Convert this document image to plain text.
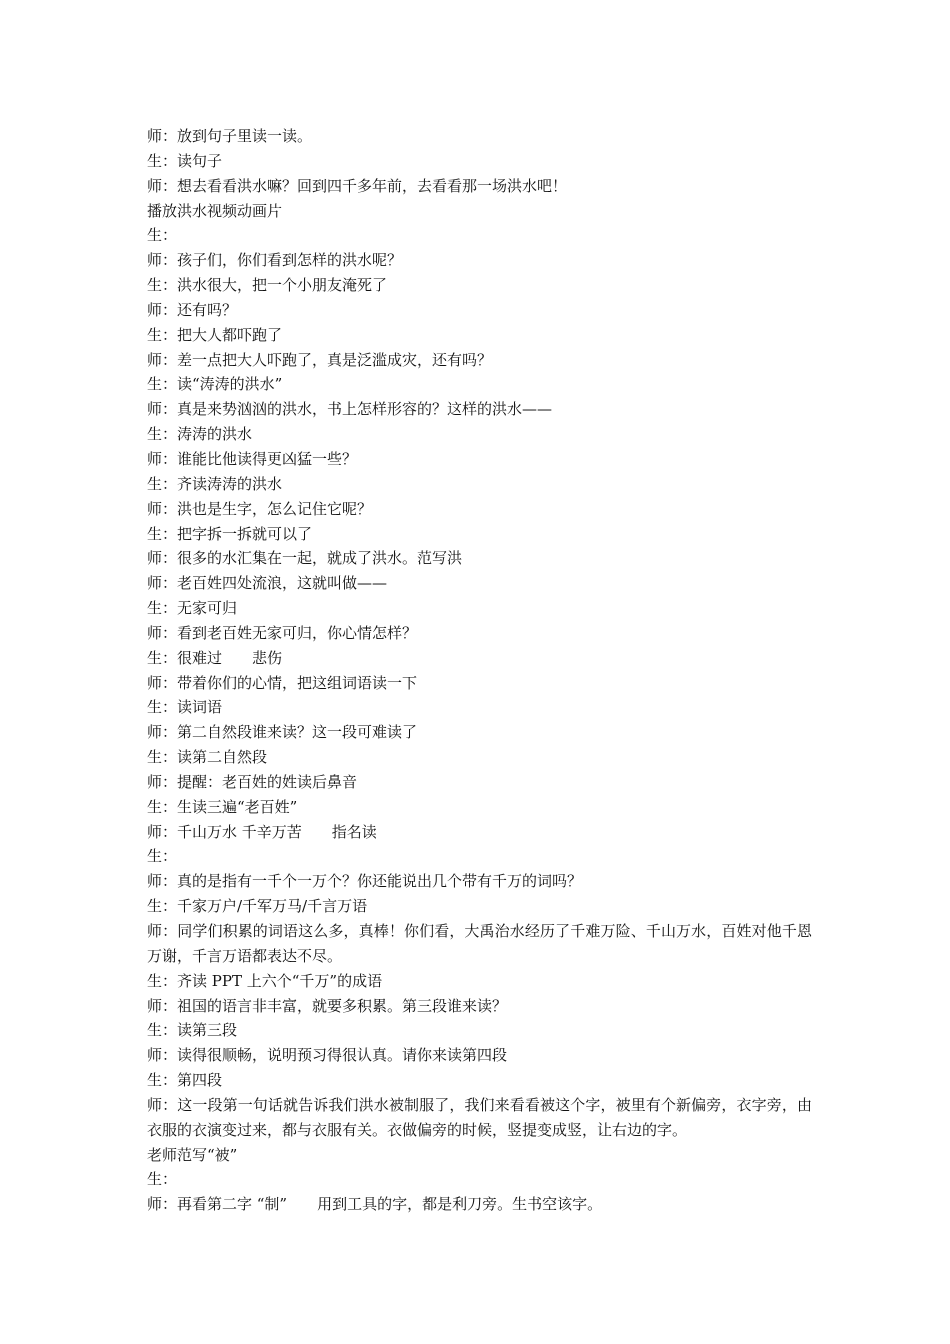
师：放到句子里读一读。
生：读句子
师：想去看看洪水嘛？回到四千多年前，去看看那一场洪水吧！
播放洪水视频动画片
生：
师：孩子们，你们看到怎样的洪水呢？
生：洪水很大，把一个小朋友淹死了
师：还有吗？
生：把大人都吓跑了
师：差一点把大人吓跑了，真是泛滥成灾，还有吗？
生：读“涛涛的洪水”
师：真是来势汹汹的洪水，书上怎样形容的？这样的洪水——
生：涛涛的洪水
师：谁能比他读得更凶猛一些？
生：齐读涛涛的洪水
师：洪也是生字，怎么记住它呢？
生：把字拆一拆就可以了
师：很多的水汇集在一起，就成了洪水。范写洪
师：老百姓四处流浪，这就叫做——
生：无家可归
师：看到老百姓无家可归，你心情怎样？
生：很难过　　悲伤
师：带着你们的心情，把这组词语读一下
生：读词语
师：第二自然段谁来读？这一段可难读了
生：读第二自然段
师：提醒：老百姓的姓读后鼻音
生：生读三遍“老百姓”
师：千山万水 千辛万苦　　指名读
生：
师：真的是指有一千个一万个？你还能说出几个带有千万的词吗？
生：千家万户/千军万马/千言万语
师：同学们积累的词语这么多，真棒！你们看，大禹治水经历了千难万险、千山万水，百姓对他千恩万谢，千言万语都表达不尽。
生：齐读 PPT 上六个“千万”的成语
师：祖国的语言非丰富，就要多积累。第三段谁来读？
生：读第三段
师：读得很顺畅，说明预习得很认真。请你来读第四段
生：第四段
师：这一段第一句话就告诉我们洪水被制服了，我们来看看被这个字，被里有个新偏旁，衣字旁，由衣服的衣演变过来，都与衣服有关。衣做偏旁的时候，竖提变成竖，让右边的字。
老师范写“被”
生：
师：再看第二字 “制”　　用到工具的字，都是利刀旁。生书空该字。
